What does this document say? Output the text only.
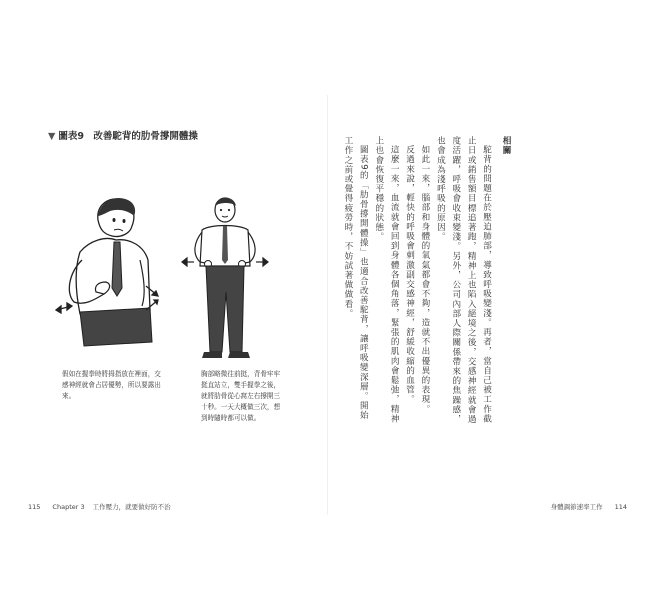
▼ 圖表9　改善駝背的肋骨撐開體操
假如在握拳時將拇指放在裡面，交感神經就會占居優勢，所以要露出來。
胸部略微往前挺，背骨牢牢挺直站立，雙手握拳之後，就將肋骨從心窩左右撐開三十秒。一天大概做三次，想到時隨時都可以做。

相關

駝背的問題在於壓迫肺部，導致呼吸變淺。再者，當自己被工作截止日或銷售額目標追著跑，精神上也陷入絕境之後，交感神經就會過度活躍，呼吸會收束變淺。另外，公司內部人際關係帶來的焦躁感，也會成為淺呼吸的原因。

如此一來，腦部和身體的氧氣都會不夠，造就不出優異的表現。

反過來說，輕快的呼吸會刺激副交感神經，舒緩收縮的血管。

這麼一來，血流就會回到身體各個角落，緊張的肌肉會鬆弛，精神上也會恢復平穩的狀態。

圖表9的「肋骨撐開體操」也適合改善駝背，讓呼吸變深層。開始工作之前或覺得疲勞時，不妨試著做做看。

115 Chapter 3 工作壓力，就要做好防不治	身體調節速率工作 114
